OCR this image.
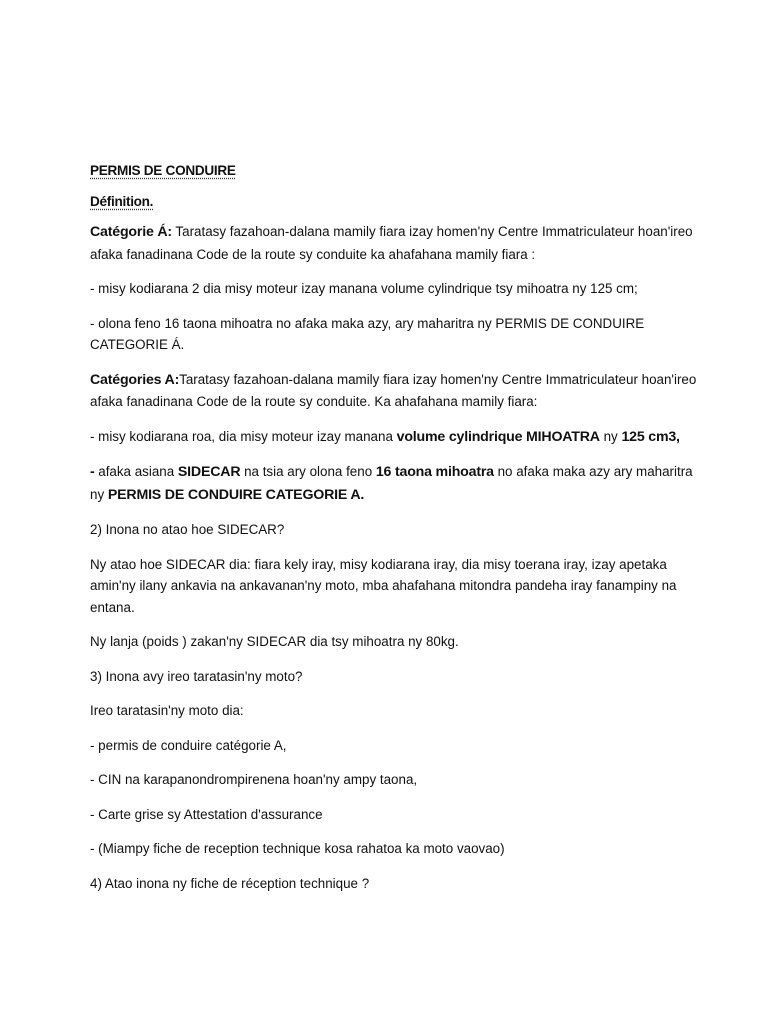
PERMIS DE CONDUIRE
Définition.

Catégorie Á: Taratasy fazahoan-dalana mamily fiara izay homen'ny Centre Immatriculateur hoan'ireo afaka fanadinana Code de la route sy conduite ka ahafahana mamily fiara :

- misy kodiarana 2 dia misy moteur izay manana volume cylindrique tsy mihoatra ny 125 cm;

- olona feno 16 taona mihoatra no afaka maka azy, ary maharitra ny PERMIS DE CONDUIRE CATEGORIE Á.

Catégories A:Taratasy fazahoan-dalana mamily fiara izay homen'ny Centre Immatriculateur hoan'ireo afaka fanadinana Code de la route sy conduite. Ka ahafahana mamily fiara:

- misy kodiarana roa, dia misy moteur izay manana volume cylindrique MIHOATRA ny 125 cm3,

- afaka asiana SIDECAR na tsia ary olona feno 16 taona mihoatra no afaka maka azy ary maharitra ny PERMIS DE CONDUIRE CATEGORIE A.

2) Inona no atao hoe SIDECAR?

Ny atao hoe SIDECAR dia: fiara kely iray, misy kodiarana iray, dia misy toerana iray, izay apetaka amin'ny ilany ankavia na ankavanan'ny moto, mba ahafahana mitondra pandeha iray fanampiny na entana.

Ny lanja (poids ) zakan'ny SIDECAR dia tsy mihoatra ny 80kg.

3) Inona avy ireo taratasin'ny moto?

Ireo taratasin'ny moto dia:

- permis de conduire catégorie A,

- CIN na karapanondrompirenena hoan'ny ampy taona,

- Carte grise sy Attestation d'assurance

- (Miampy fiche de reception technique kosa rahatoa ka moto vaovao)

4) Atao inona ny fiche de réception technique ?
